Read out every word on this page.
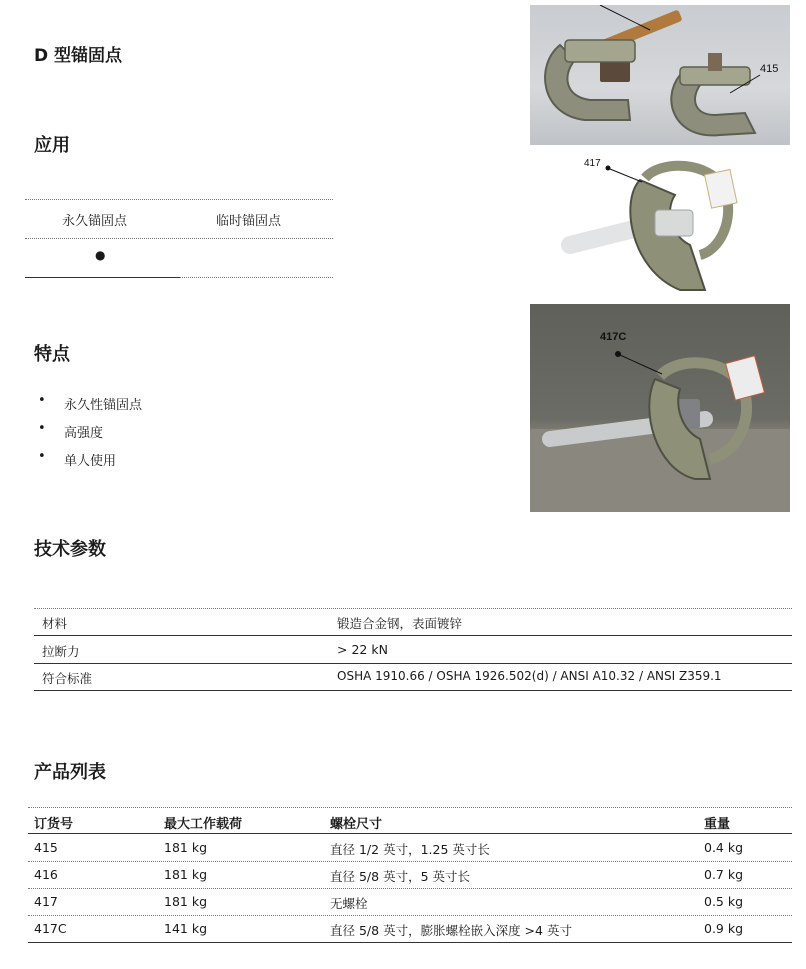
D 型锚固点
应用
永久锚固点	临时锚固点
●
特点
• 永久性锚固点
• 高强度
• 单人使用
技术参数
材料	锻造合金钢，表面镀锌
拉断力	> 22 kN
符合标准	OSHA 1910.66 / OSHA 1926.502(d) / ANSI A10.32 / ANSI Z359.1
产品列表
订货号	最大工作载荷	螺栓尺寸	重量
415	181 kg	直径 1/2 英寸，1.25 英寸长	0.4 kg
416	181 kg	直径 5/8 英寸，5 英寸长	0.7 kg
417	181 kg	无螺栓	0.5 kg
417C	141 kg	直径 5/8 英寸，膨胀螺栓嵌入深度 >4 英寸	0.9 kg
415
417
417C
